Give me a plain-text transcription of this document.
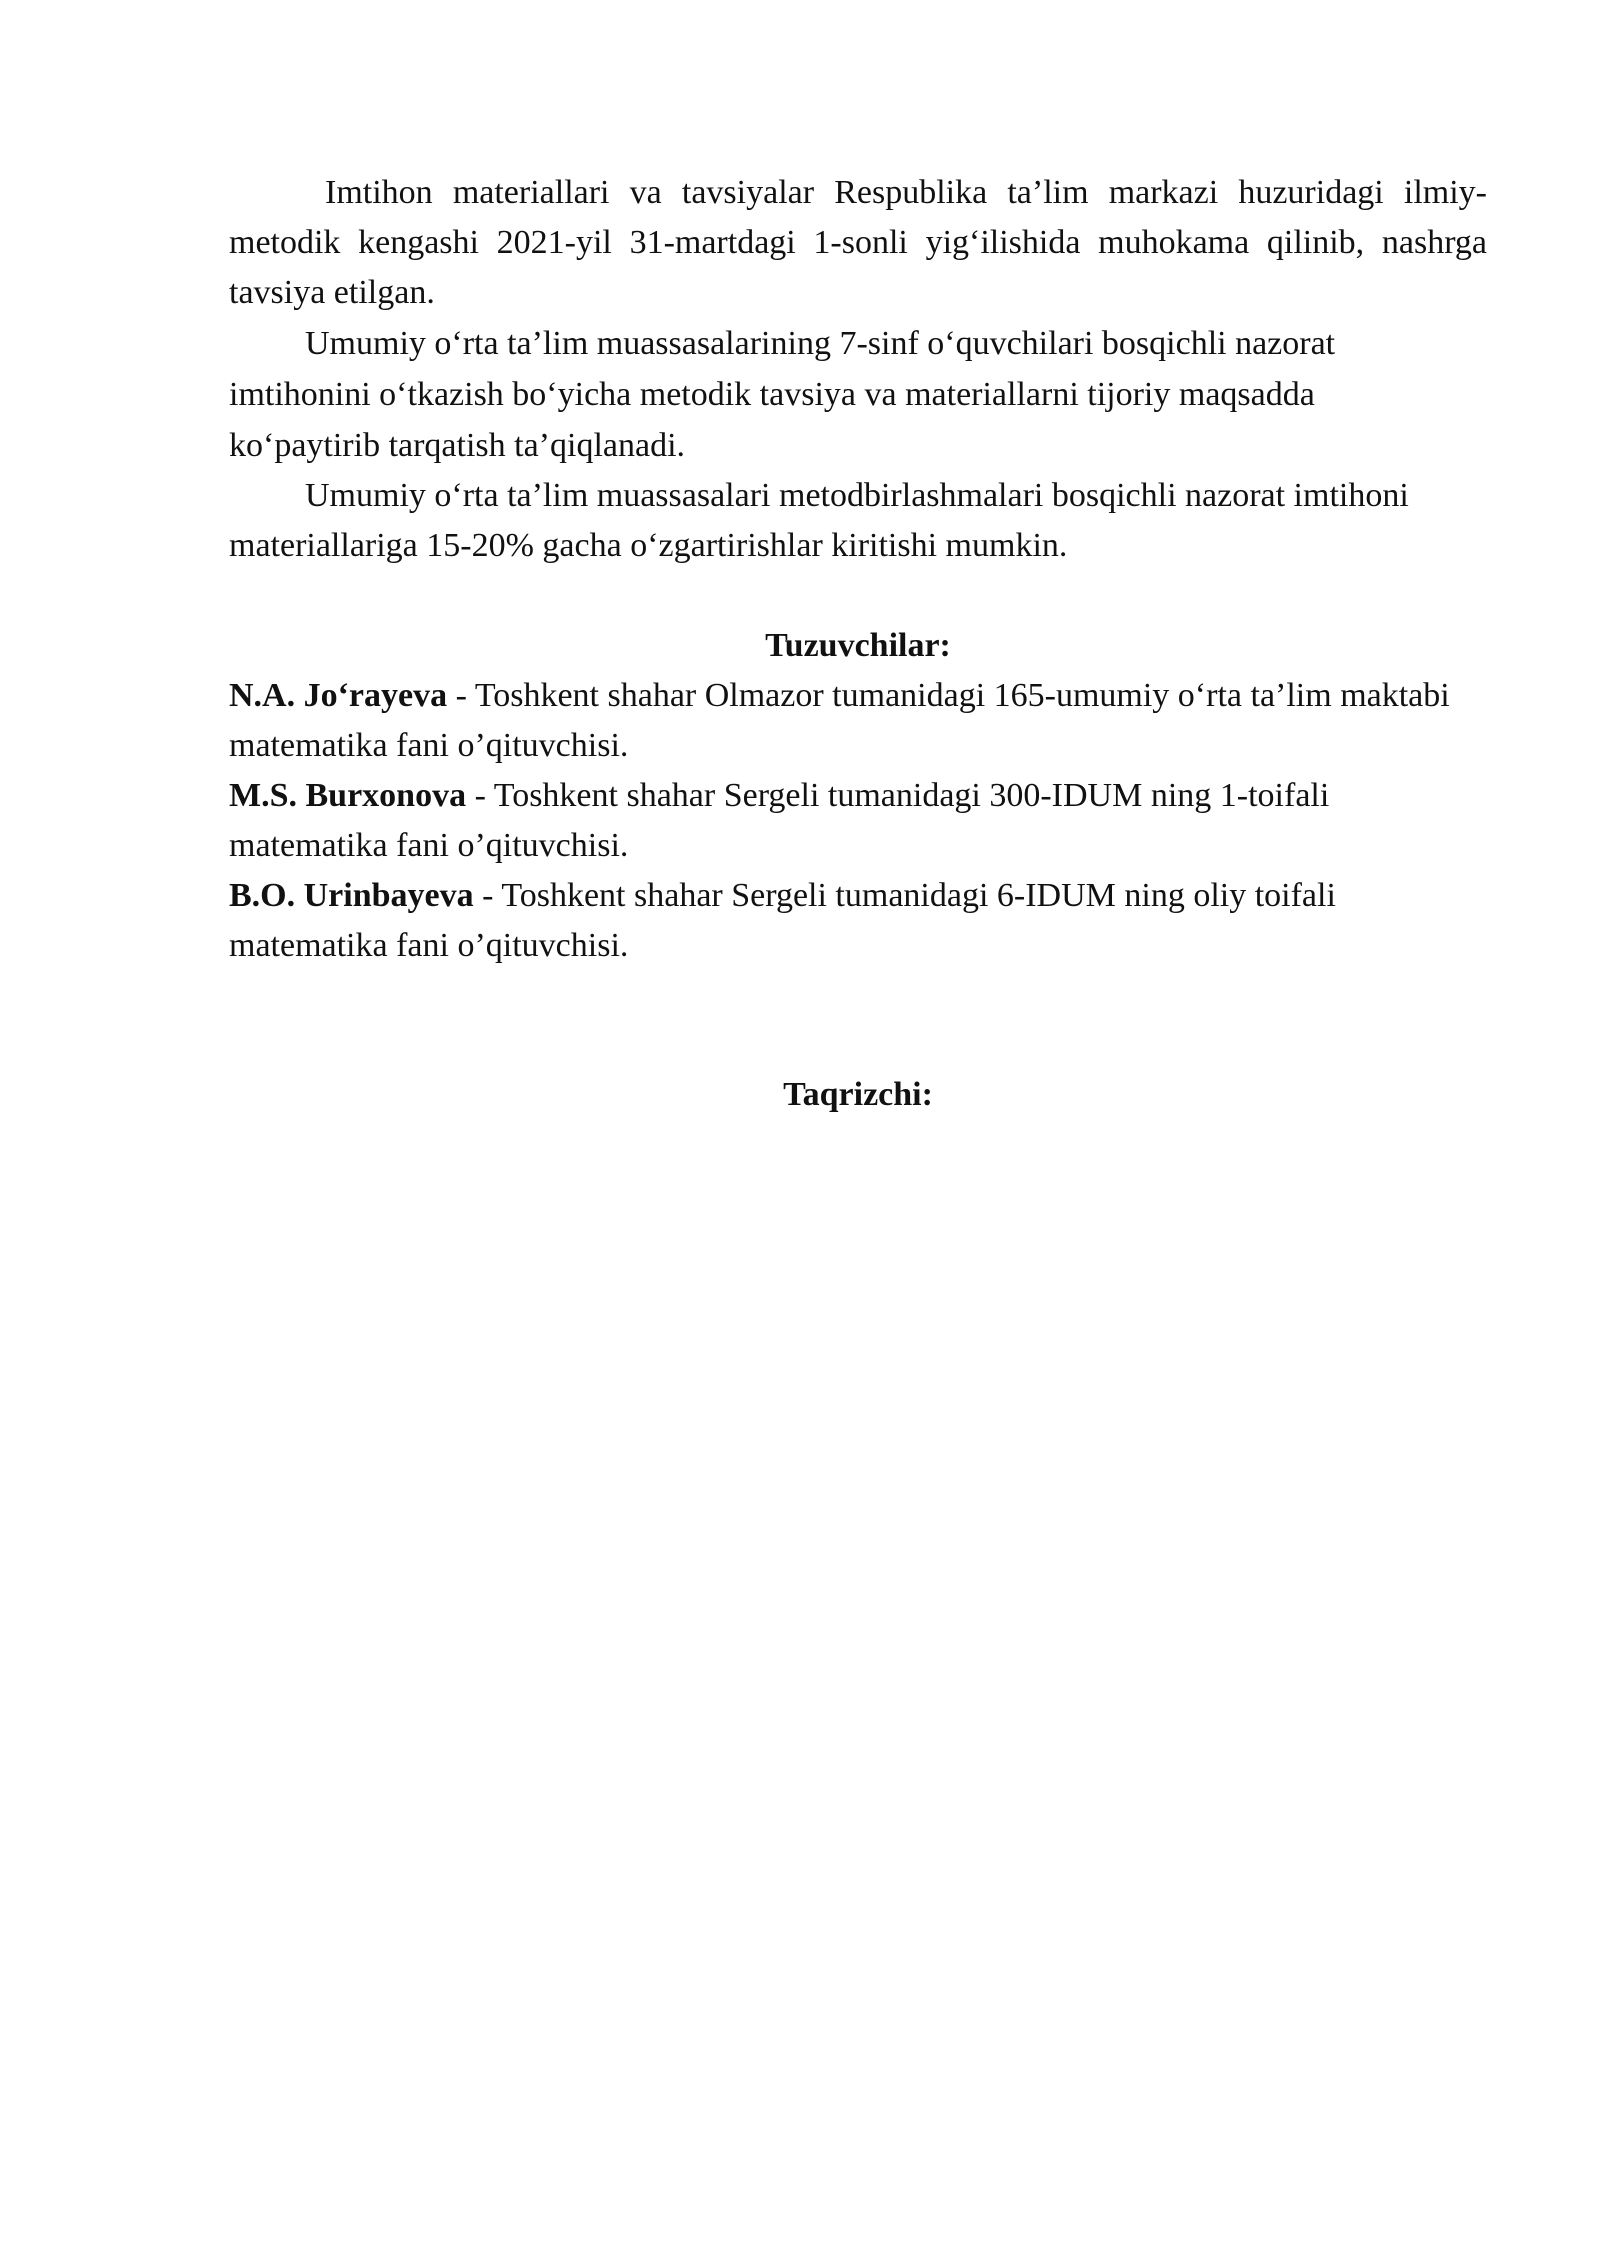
Imtihon materiallari va tavsiyalar Respublika ta’lim markazi huzuridagi ilmiy-metodik kengashi 2021-yil 31-martdagi 1-sonli yig‘ilishida muhokama qilinib, nashrga tavsiya etilgan.

Umumiy o‘rta ta’lim muassasalarining 7-sinf o‘quvchilari bosqichli nazorat imtihonini o‘tkazish bo‘yicha metodik tavsiya va materiallarni tijoriy maqsadda ko‘paytirib tarqatish ta’qiqlanadi.

Umumiy o‘rta ta’lim muassasalari metodbirlashmalari bosqichli nazorat imtihoni materiallariga 15-20% gacha o‘zgartirishlar kiritishi mumkin.

Tuzuvchilar:

N.A. Jo‘rayeva - Toshkent shahar Olmazor tumanidagi 165-umumiy o‘rta ta’lim maktabi matematika fani o’qituvchisi.

M.S. Burxonova - Toshkent shahar Sergeli tumanidagi 300-IDUM ning 1-toifali matematika fani o’qituvchisi.

B.O. Urinbayeva - Toshkent shahar Sergeli tumanidagi 6-IDUM ning oliy toifali matematika fani o’qituvchisi.

Taqrizchi:
